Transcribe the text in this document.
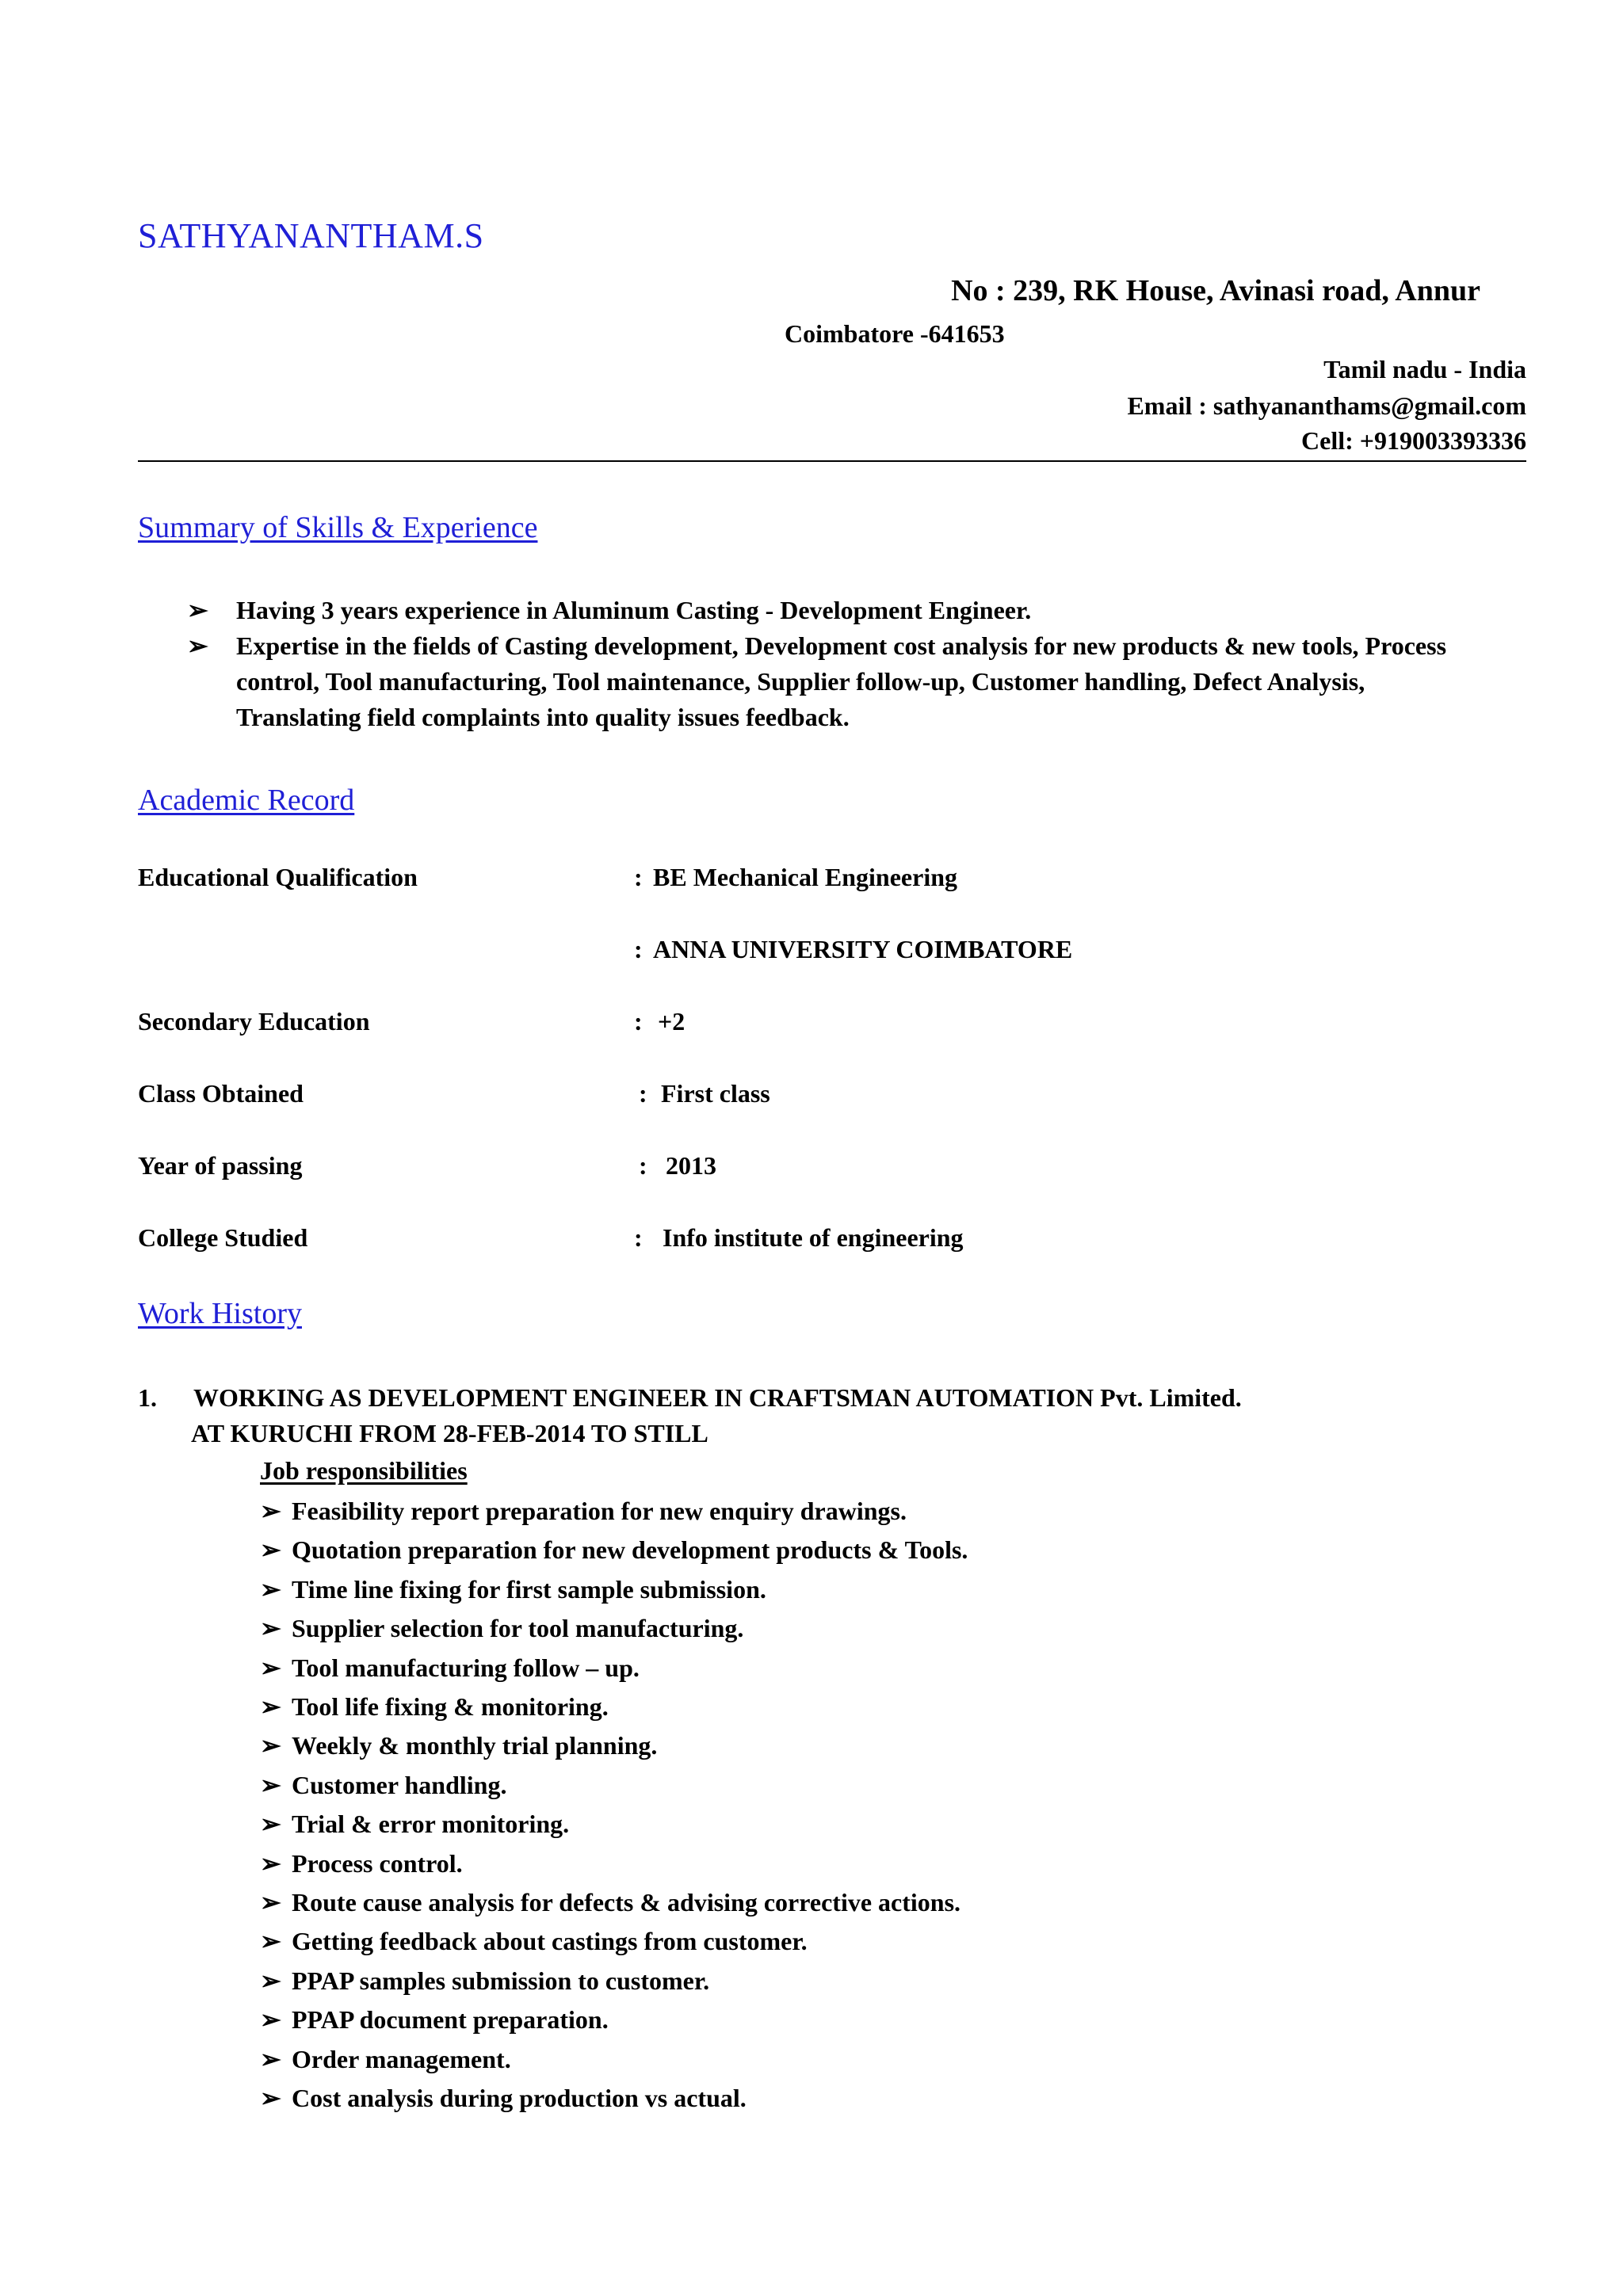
SATHYANANTHAM.S
No : 239, RK House, Avinasi road, Annur
Coimbatore -641653
Tamil nadu - India
Email : sathyananthams@gmail.com
Cell: +919003393336
Summary of Skills & Experience
➢ Having 3 years experience in Aluminum Casting - Development Engineer.
➢ Expertise in the fields of Casting development, Development cost analysis for new products & new tools, Process control, Tool manufacturing, Tool maintenance, Supplier follow-up, Customer handling, Defect Analysis, Translating field complaints into quality issues feedback.
Academic Record
Educational Qualification	: BE Mechanical Engineering
: ANNA UNIVERSITY COIMBATORE
Secondary Education	: +2
Class Obtained	: First class
Year of passing	: 2013
College Studied	: Info institute of engineering
Work History
1. WORKING AS DEVELOPMENT ENGINEER IN CRAFTSMAN AUTOMATION Pvt. Limited.
AT KURUCHI FROM 28-FEB-2014 TO STILL
Job responsibilities
➢ Feasibility report preparation for new enquiry drawings.
➢ Quotation preparation for new development products & Tools.
➢ Time line fixing for first sample submission.
➢ Supplier selection for tool manufacturing.
➢ Tool manufacturing follow – up.
➢ Tool life fixing & monitoring.
➢ Weekly & monthly trial planning.
➢ Customer handling.
➢ Trial & error monitoring.
➢ Process control.
➢ Route cause analysis for defects & advising corrective actions.
➢ Getting feedback about castings from customer.
➢ PPAP samples submission to customer.
➢ PPAP document preparation.
➢ Order management.
➢ Cost analysis during production vs actual.
